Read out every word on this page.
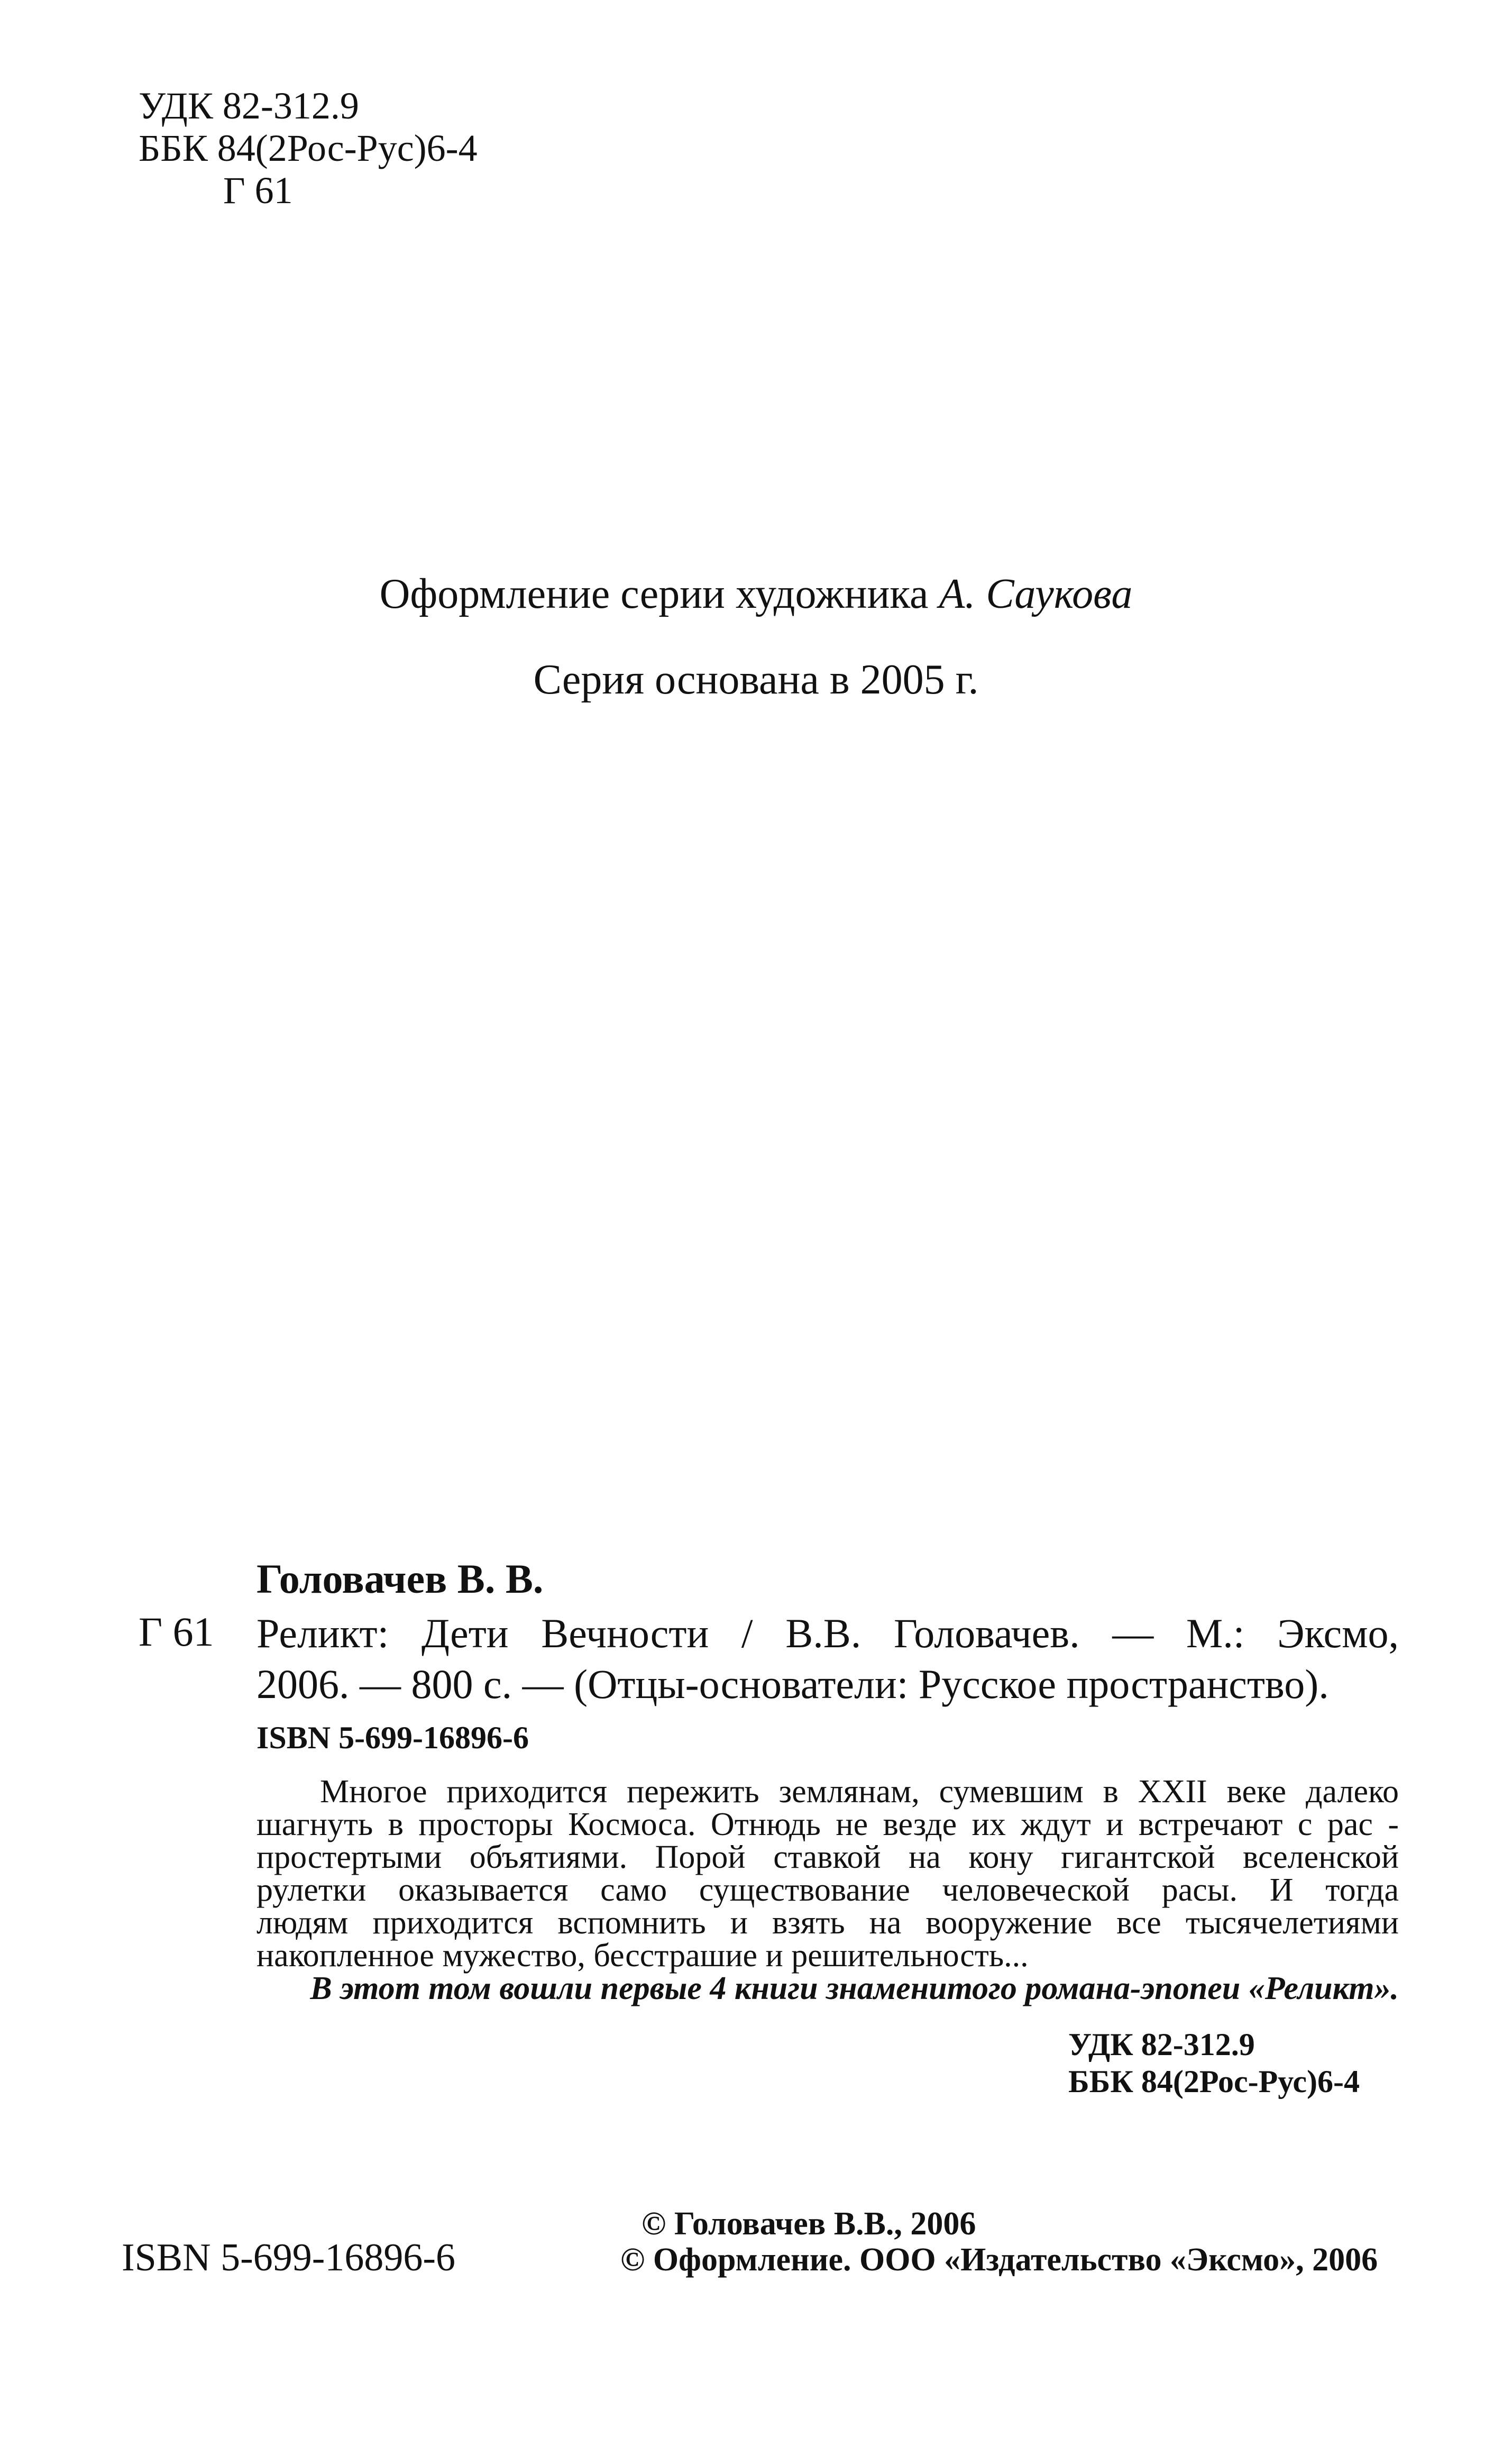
УДК 82-312.9
ББК 84(2Рос-Рус)6-4
Г 61
Оформление серии художника А. Саукова
Серия основана в 2005 г.
Головачев В. В.
Г 61 Реликт: Дети Вечности / В.В. Головачев. — М.: Эксмо,
2006. — 800 с. — (Отцы-основатели: Русское пространство).
ISBN 5-699-16896-6
Многое приходится пережить землянам, сумевшим в XXII веке далеко
шагнуть в просторы Космоса. Отнюдь не везде их ждут и встречают с рас -
простертыми объятиями. Порой ставкой на кону гигантской вселенской
рулетки оказывается само существование человеческой расы. И тогда
людям приходится вспомнить и взять на вооружение все тысячелетиями
накопленное мужество, бесстрашие и решительность...
В этот том вошли первые 4 книги знаменитого романа-эпопеи «Реликт».
УДК 82-312.9
ББК 84(2Рос-Рус)6-4
ISBN 5-699-16896-6
© Головачев В.В., 2006
© Оформление. ООО «Издательство «Эксмо», 2006
